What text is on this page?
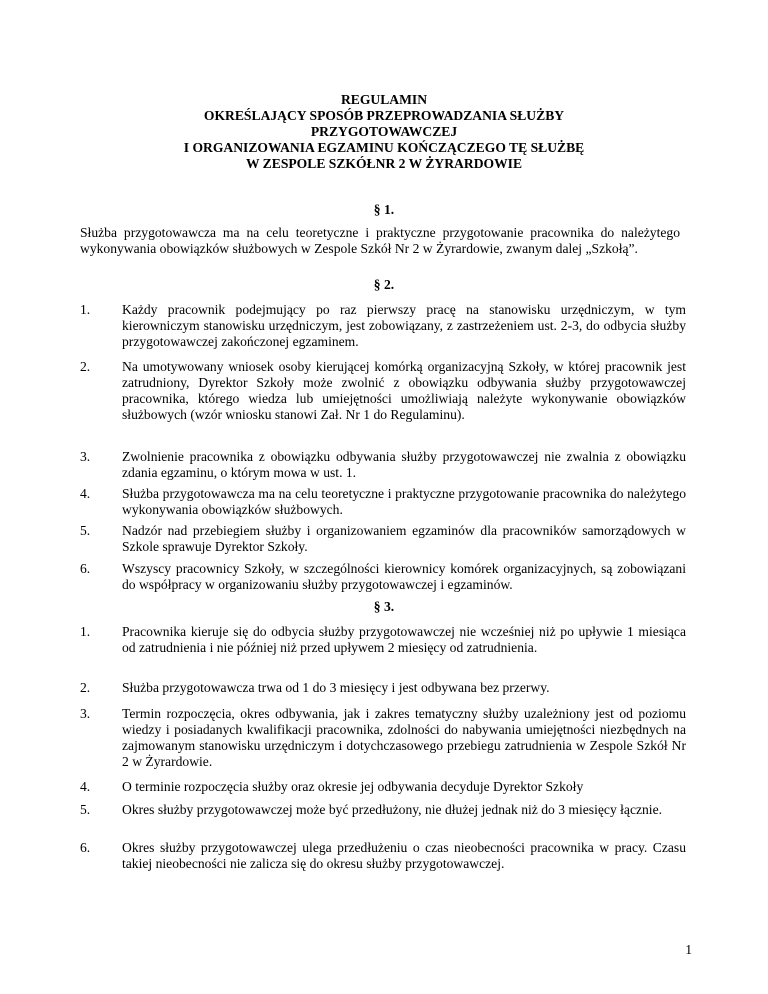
REGULAMIN
OKREŚLAJĄCY SPOSÓB PRZEPROWADZANIA SŁUŻBY
PRZYGOTOWAWCZEJ
I ORGANIZOWANIA EGZAMINU KOŃCZĄCZEGO TĘ SŁUŻBĘ
W ZESPOLE SZKÓŁNR 2 W ŻYRARDOWIE
§ 1.
Służba przygotowawcza ma na celu teoretyczne i praktyczne przygotowanie pracownika do należytego wykonywania obowiązków służbowych w Zespole Szkół Nr 2 w Żyrardowie, zwanym dalej „Szkołą”.
§ 2.
1.	Każdy pracownik podejmujący po raz pierwszy pracę na stanowisku urzędniczym, w tym kierowniczym stanowisku urzędniczym, jest zobowiązany, z zastrzeżeniem ust. 2-3, do odbycia służby przygotowawczej zakończonej egzaminem.
2.	Na umotywowany wniosek osoby kierującej komórką organizacyjną Szkoły, w której pracownik jest zatrudniony, Dyrektor Szkoły może zwolnić z obowiązku odbywania służby przygotowawczej pracownika, którego wiedza lub umiejętności umożliwiają należyte wykonywanie obowiązków służbowych (wzór wniosku stanowi Zał. Nr 1 do Regulaminu).
3.	Zwolnienie pracownika z obowiązku odbywania służby przygotowawczej nie zwalnia z obowiązku zdania egzaminu, o którym mowa w ust. 1.
4.	Służba przygotowawcza ma na celu teoretyczne i praktyczne przygotowanie pracownika do należytego wykonywania obowiązków służbowych.
5.	Nadzór nad przebiegiem służby i organizowaniem egzaminów dla pracowników samorządowych w Szkole sprawuje Dyrektor Szkoły.
6.	Wszyscy pracownicy Szkoły, w szczególności kierownicy komórek organizacyjnych, są zobowiązani do współpracy w organizowaniu służby przygotowawczej i egzaminów.
§ 3.
1.	Pracownika kieruje się do odbycia służby przygotowawczej nie wcześniej niż po upływie 1 miesiąca od zatrudnienia i nie później niż przed upływem 2 miesięcy od zatrudnienia.
2.	Służba przygotowawcza trwa od 1 do 3 miesięcy i jest odbywana bez przerwy.
3.	Termin rozpoczęcia, okres odbywania, jak i zakres tematyczny służby uzależniony jest od poziomu wiedzy i posiadanych kwalifikacji pracownika, zdolności do nabywania umiejętności niezbędnych na zajmowanym stanowisku urzędniczym i dotychczasowego przebiegu zatrudnienia w Zespole Szkół Nr 2 w Żyrardowie.
4.	O terminie rozpoczęcia służby oraz okresie jej odbywania decyduje Dyrektor Szkoły
5.	Okres służby przygotowawczej może być przedłużony, nie dłużej jednak niż do 3 miesięcy łącznie.
6.	Okres służby przygotowawczej ulega przedłużeniu o czas nieobecności pracownika w pracy. Czasu takiej nieobecności nie zalicza się do okresu służby przygotowawczej.
1
